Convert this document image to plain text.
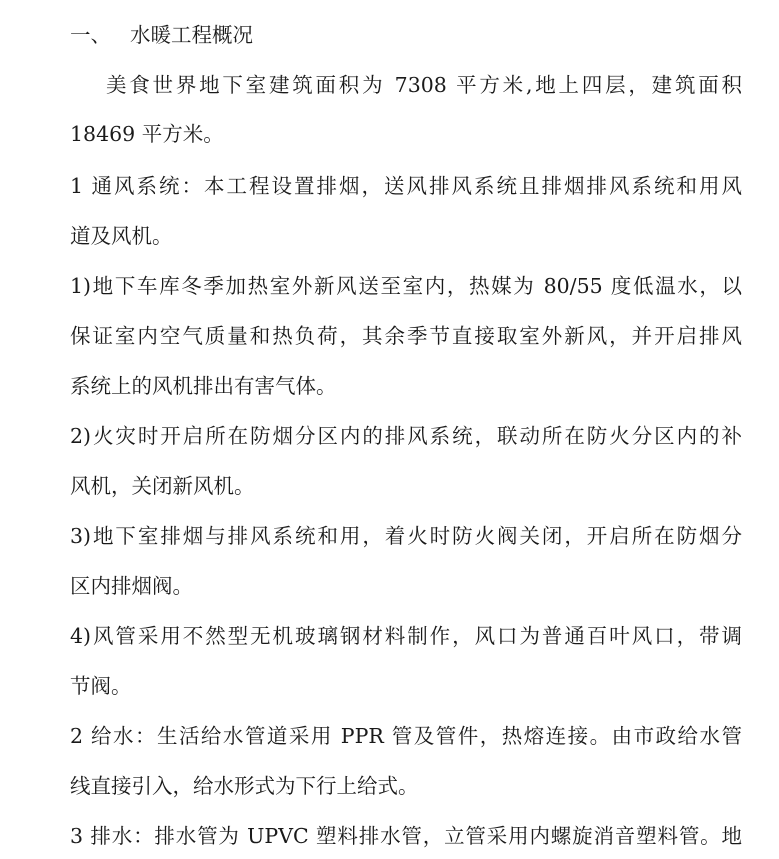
一、 水暖工程概况
美食世界地下室建筑面积为 7308 平方米,地上四层，建筑面积
18469 平方米。
1 通风系统：本工程设置排烟，送风排风系统且排烟排风系统和用风
道及风机。
1)地下车库冬季加热室外新风送至室内，热媒为 80/55 度低温水，以
保证室内空气质量和热负荷，其余季节直接取室外新风，并开启排风
系统上的风机排出有害气体。
2)火灾时开启所在防烟分区内的排风系统，联动所在防火分区内的补
风机，关闭新风机。
3)地下室排烟与排风系统和用，着火时防火阀关闭，开启所在防烟分
区内排烟阀。
4)风管采用不然型无机玻璃钢材料制作，风口为普通百叶风口，带调
节阀。
2 给水：生活给水管道采用 PPR 管及管件，热熔连接。由市政给水管
线直接引入，给水形式为下行上给式。
3 排水：排水管为 UPVC 塑料排水管，立管采用内螺旋消音塑料管。地
